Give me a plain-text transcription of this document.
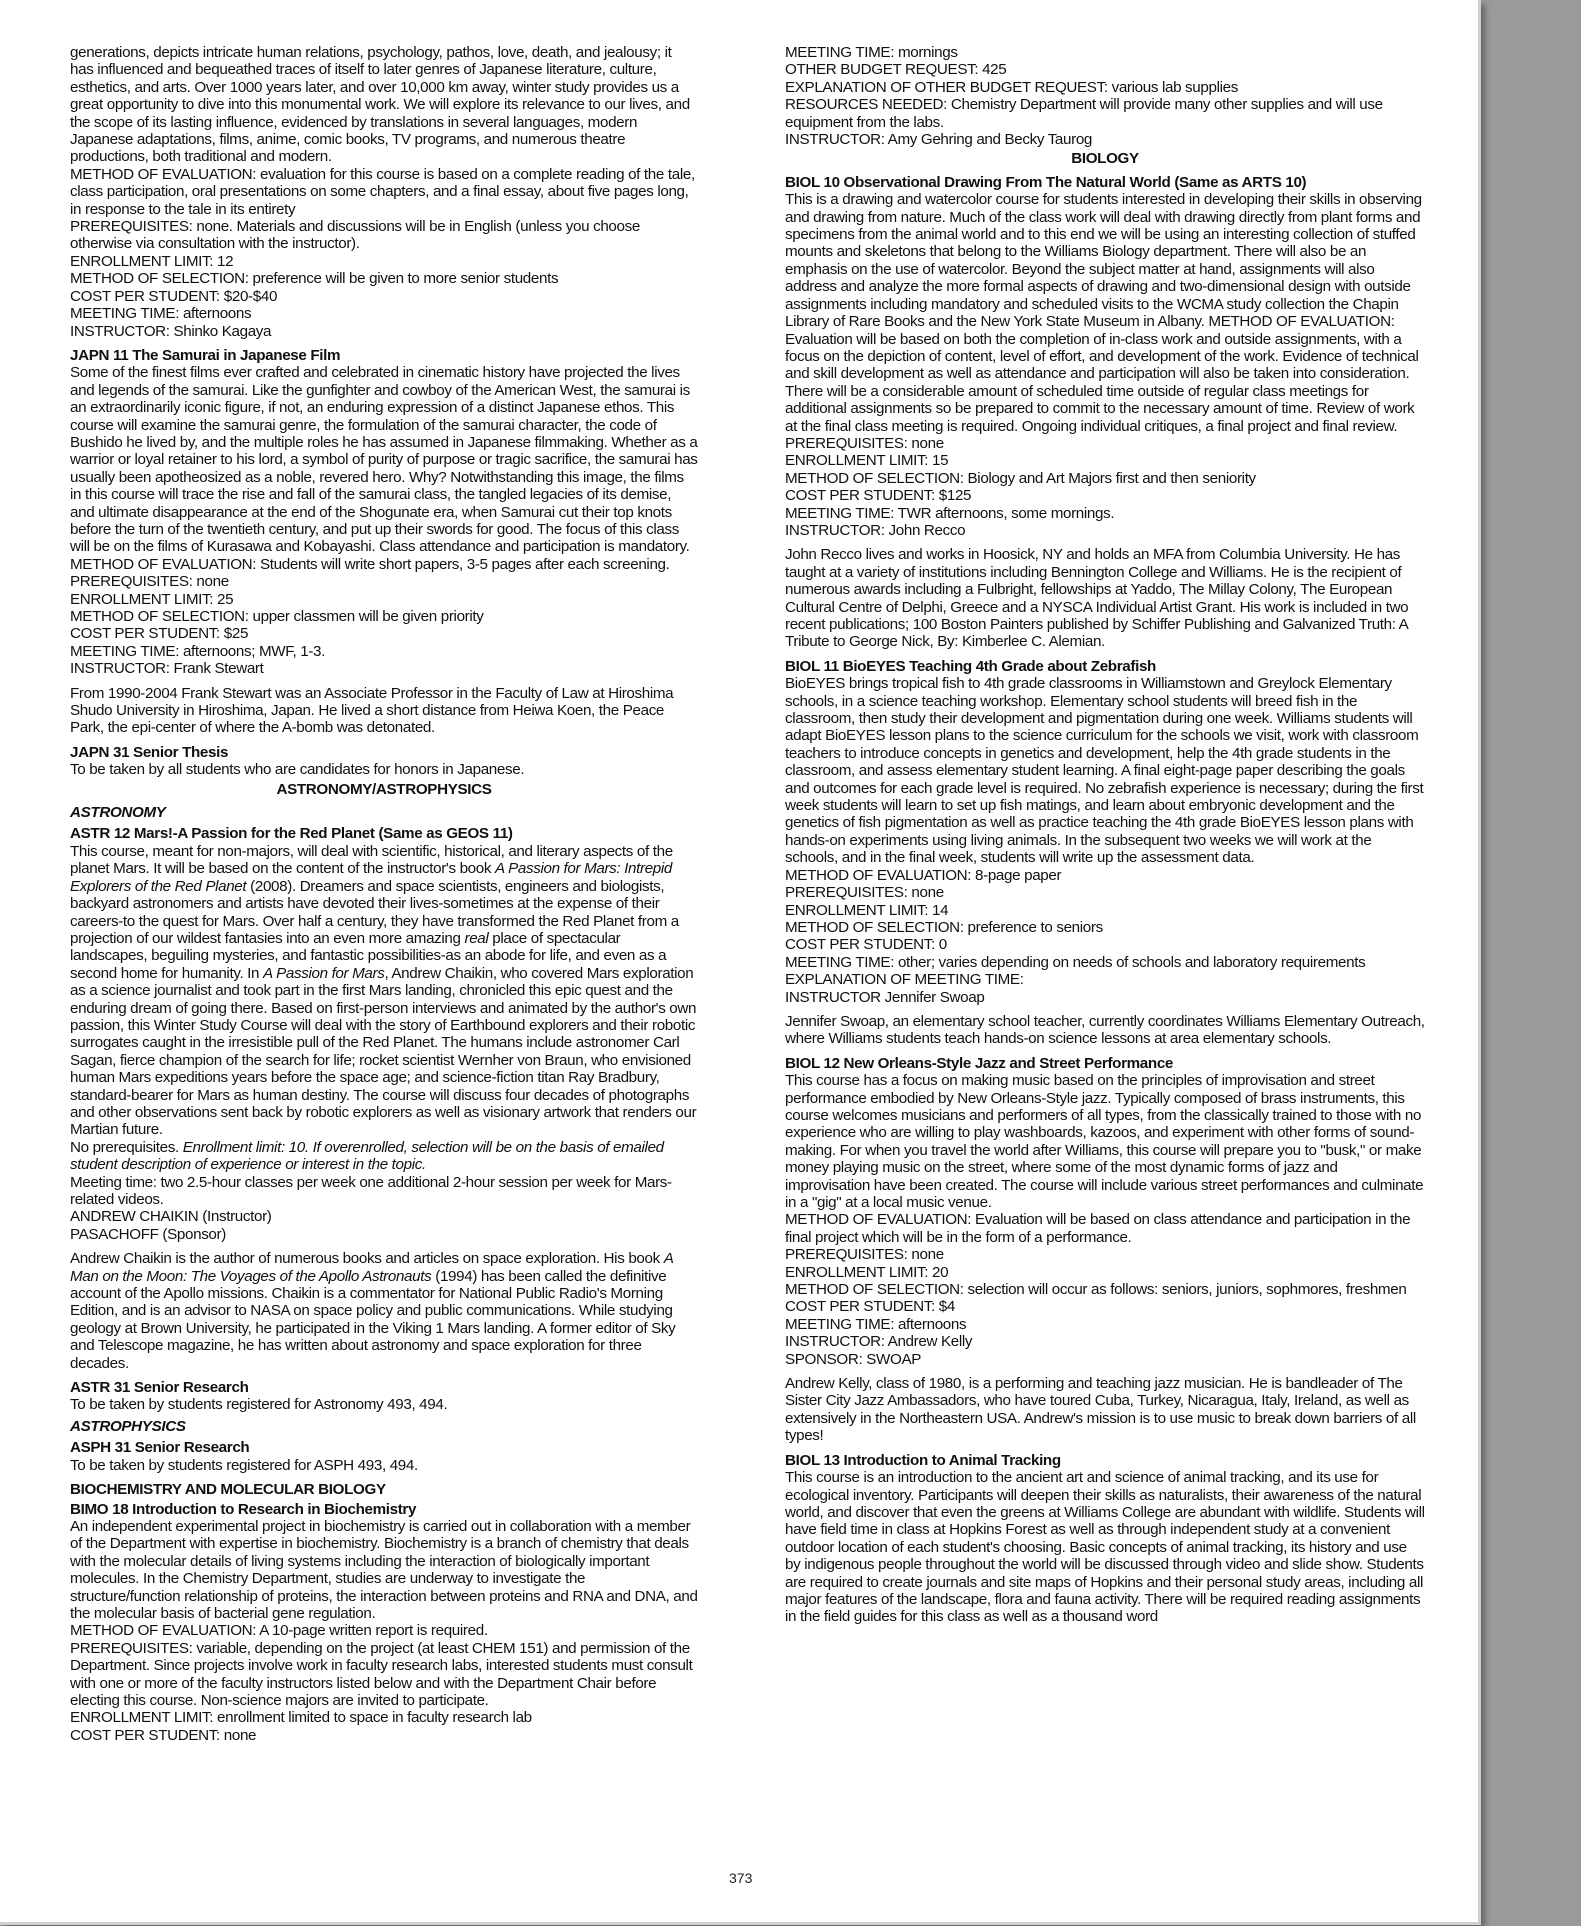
generations, depicts intricate human relations, psychology, pathos, love, death, and jealousy; it has influenced and bequeathed traces of itself to later genres of Japanese literature, culture, esthetics, and arts. Over 1000 years later, and over 10,000 km away, winter study provides us a great opportunity to dive into this monumental work. We will explore its relevance to our lives, and the scope of its lasting influence, evidenced by translations in several languages, modern Japanese adaptations, films, anime, comic books, TV programs, and numerous theatre productions, both traditional and modern.
METHOD OF EVALUATION: evaluation for this course is based on a complete reading of the tale, class participation, oral presentations on some chapters, and a final essay, about five pages long, in response to the tale in its entirety
PREREQUISITES: none. Materials and discussions will be in English (unless you choose otherwise via consultation with the instructor).
ENROLLMENT LIMIT: 12
METHOD OF SELECTION: preference will be given to more senior students
COST PER STUDENT: $20-$40
MEETING TIME: afternoons
INSTRUCTOR: Shinko Kagaya

JAPN 11 The Samurai in Japanese Film
Some of the finest films ever crafted and celebrated in cinematic history have projected the lives and legends of the samurai. Like the gunfighter and cowboy of the American West, the samurai is an extraordinarily iconic figure, if not, an enduring expression of a distinct Japanese ethos. This course will examine the samurai genre, the formulation of the samurai character, the code of Bushido he lived by, and the multiple roles he has assumed in Japanese filmmaking. Whether as a warrior or loyal retainer to his lord, a symbol of purity of purpose or tragic sacrifice, the samurai has usually been apotheosized as a noble, revered hero. Why? Notwithstanding this image, the films in this course will trace the rise and fall of the samurai class, the tangled legacies of its demise, and ultimate disappearance at the end of the Shogunate era, when Samurai cut their top knots before the turn of the twentieth century, and put up their swords for good. The focus of this class will be on the films of Kurasawa and Kobayashi. Class attendance and participation is mandatory. METHOD OF EVALUATION: Students will write short papers, 3-5 pages after each screening.
PREREQUISITES: none
ENROLLMENT LIMIT: 25
METHOD OF SELECTION: upper classmen will be given priority
COST PER STUDENT: $25
MEETING TIME: afternoons; MWF, 1-3.
INSTRUCTOR: Frank Stewart

From 1990-2004 Frank Stewart was an Associate Professor in the Faculty of Law at Hiroshima Shudo University in Hiroshima, Japan. He lived a short distance from Heiwa Koen, the Peace Park, the epi-center of where the A-bomb was detonated.

JAPN 31 Senior Thesis
To be taken by all students who are candidates for honors in Japanese.
ASTRONOMY/ASTROPHYSICS
ASTRONOMY
ASTR 12 Mars!-A Passion for the Red Planet (Same as GEOS 11)
This course, meant for non-majors, will deal with scientific, historical, and literary aspects of the planet Mars. It will be based on the content of the instructor's book A Passion for Mars: Intrepid Explorers of the Red Planet (2008). Dreamers and space scientists, engineers and biologists, backyard astronomers and artists have devoted their lives-sometimes at the expense of their careers-to the quest for Mars. Over half a century, they have transformed the Red Planet from a projection of our wildest fantasies into an even more amazing real place of spectacular landscapes, beguiling mysteries, and fantastic possibilities-as an abode for life, and even as a second home for humanity. In A Passion for Mars, Andrew Chaikin, who covered Mars exploration as a science journalist and took part in the first Mars landing, chronicled this epic quest and the enduring dream of going there. Based on first-person interviews and animated by the author's own passion, this Winter Study Course will deal with the story of Earthbound explorers and their robotic surrogates caught in the irresistible pull of the Red Planet. The humans include astronomer Carl Sagan, fierce champion of the search for life; rocket scientist Wernher von Braun, who envisioned human Mars expeditions years before the space age; and science-fiction titan Ray Bradbury, standard-bearer for Mars as human destiny. The course will discuss four decades of photographs and other observations sent back by robotic explorers as well as visionary artwork that renders our Martian future.
No prerequisites. Enrollment limit: 10. If overenrolled, selection will be on the basis of emailed student description of experience or interest in the topic.
Meeting time: two 2.5-hour classes per week one additional 2-hour session per week for Mars-related videos.
ANDREW CHAIKIN (Instructor)
PASACHOFF (Sponsor)

Andrew Chaikin is the author of numerous books and articles on space exploration. His book A Man on the Moon: The Voyages of the Apollo Astronauts (1994) has been called the definitive account of the Apollo missions. Chaikin is a commentator for National Public Radio's Morning Edition, and is an advisor to NASA on space policy and public communications. While studying geology at Brown University, he participated in the Viking 1 Mars landing. A former editor of Sky and Telescope magazine, he has written about astronomy and space exploration for three decades.

ASTR 31 Senior Research
To be taken by students registered for Astronomy 493, 494.
ASTROPHYSICS
ASPH 31 Senior Research
To be taken by students registered for ASPH 493, 494.

BIOCHEMISTRY AND MOLECULAR BIOLOGY
BIMO 18 Introduction to Research in Biochemistry
An independent experimental project in biochemistry is carried out in collaboration with a member of the Department with expertise in biochemistry. Biochemistry is a branch of chemistry that deals with the molecular details of living systems including the interaction of biologically important molecules. In the Chemistry Department, studies are underway to investigate the structure/function relationship of proteins, the interaction between proteins and RNA and DNA, and the molecular basis of bacterial gene regulation.
METHOD OF EVALUATION: A 10-page written report is required.
PREREQUISITES: variable, depending on the project (at least CHEM 151) and permission of the Department. Since projects involve work in faculty research labs, interested students must consult with one or more of the faculty instructors listed below and with the Department Chair before electing this course. Non-science majors are invited to participate.
ENROLLMENT LIMIT: enrollment limited to space in faculty research lab
COST PER STUDENT: none

MEETING TIME: mornings
OTHER BUDGET REQUEST: 425
EXPLANATION OF OTHER BUDGET REQUEST: various lab supplies
RESOURCES NEEDED: Chemistry Department will provide many other supplies and will use equipment from the labs.
INSTRUCTOR: Amy Gehring and Becky Taurog
BIOLOGY
BIOL 10 Observational Drawing From The Natural World (Same as ARTS 10)
This is a drawing and watercolor course for students interested in developing their skills in observing and drawing from nature. Much of the class work will deal with drawing directly from plant forms and specimens from the animal world and to this end we will be using an interesting collection of stuffed mounts and skeletons that belong to the Williams Biology department. There will also be an emphasis on the use of watercolor. Beyond the subject matter at hand, assignments will also address and analyze the more formal aspects of drawing and two-dimensional design with outside assignments including mandatory and scheduled visits to the WCMA study collection the Chapin Library of Rare Books and the New York State Museum in Albany. METHOD OF EVALUATION: Evaluation will be based on both the completion of in-class work and outside assignments, with a focus on the depiction of content, level of effort, and development of the work. Evidence of technical and skill development as well as attendance and participation will also be taken into consideration. There will be a considerable amount of scheduled time outside of regular class meetings for additional assignments so be prepared to commit to the necessary amount of time. Review of work at the final class meeting is required. Ongoing individual critiques, a final project and final review.
PREREQUISITES: none
ENROLLMENT LIMIT: 15
METHOD OF SELECTION: Biology and Art Majors first and then seniority
COST PER STUDENT: $125
MEETING TIME: TWR afternoons, some mornings.
INSTRUCTOR: John Recco

John Recco lives and works in Hoosick, NY and holds an MFA from Columbia University. He has taught at a variety of institutions including Bennington College and Williams. He is the recipient of numerous awards including a Fulbright, fellowships at Yaddo, The Millay Colony, The European Cultural Centre of Delphi, Greece and a NYSCA Individual Artist Grant. His work is included in two recent publications; 100 Boston Painters published by Schiffer Publishing and Galvanized Truth: A Tribute to George Nick, By: Kimberlee C. Alemian.

BIOL 11 BioEYES Teaching 4th Grade about Zebrafish
BioEYES brings tropical fish to 4th grade classrooms in Williamstown and Greylock Elementary schools, in a science teaching workshop. Elementary school students will breed fish in the classroom, then study their development and pigmentation during one week. Williams students will adapt BioEYES lesson plans to the science curriculum for the schools we visit, work with classroom teachers to introduce concepts in genetics and development, help the 4th grade students in the classroom, and assess elementary student learning. A final eight-page paper describing the goals and outcomes for each grade level is required. No zebrafish experience is necessary; during the first week students will learn to set up fish matings, and learn about embryonic development and the genetics of fish pigmentation as well as practice teaching the 4th grade BioEYES lesson plans with hands-on experiments using living animals. In the subsequent two weeks we will work at the schools, and in the final week, students will write up the assessment data.
METHOD OF EVALUATION: 8-page paper
PREREQUISITES: none
ENROLLMENT LIMIT: 14
METHOD OF SELECTION: preference to seniors
COST PER STUDENT: 0
MEETING TIME: other; varies depending on needs of schools and laboratory requirements
EXPLANATION OF MEETING TIME:
INSTRUCTOR Jennifer Swoap

Jennifer Swoap, an elementary school teacher, currently coordinates Williams Elementary Outreach, where Williams students teach hands-on science lessons at area elementary schools.

BIOL 12 New Orleans-Style Jazz and Street Performance
This course has a focus on making music based on the principles of improvisation and street performance embodied by New Orleans-Style jazz. Typically composed of brass instruments, this course welcomes musicians and performers of all types, from the classically trained to those with no experience who are willing to play washboards, kazoos, and experiment with other forms of sound-making. For when you travel the world after Williams, this course will prepare you to "busk," or make money playing music on the street, where some of the most dynamic forms of jazz and improvisation have been created. The course will include various street performances and culminate in a "gig" at a local music venue.
METHOD OF EVALUATION: Evaluation will be based on class attendance and participation in the final project which will be in the form of a performance.
PREREQUISITES: none
ENROLLMENT LIMIT: 20
METHOD OF SELECTION: selection will occur as follows: seniors, juniors, sophmores, freshmen
COST PER STUDENT: $4
MEETING TIME: afternoons
INSTRUCTOR: Andrew Kelly
SPONSOR: SWOAP

Andrew Kelly, class of 1980, is a performing and teaching jazz musician. He is bandleader of The Sister City Jazz Ambassadors, who have toured Cuba, Turkey, Nicaragua, Italy, Ireland, as well as extensively in the Northeastern USA. Andrew's mission is to use music to break down barriers of all types!

BIOL 13 Introduction to Animal Tracking
This course is an introduction to the ancient art and science of animal tracking, and its use for ecological inventory. Participants will deepen their skills as naturalists, their awareness of the natural world, and discover that even the greens at Williams College are abundant with wildlife. Students will have field time in class at Hopkins Forest as well as through independent study at a convenient outdoor location of each student's choosing. Basic concepts of animal tracking, its history and use by indigenous people throughout the world will be discussed through video and slide show. Students are required to create journals and site maps of Hopkins and their personal study areas, including all major features of the landscape, flora and fauna activity. There will be required reading assignments in the field guides for this class as well as a thousand word

373
